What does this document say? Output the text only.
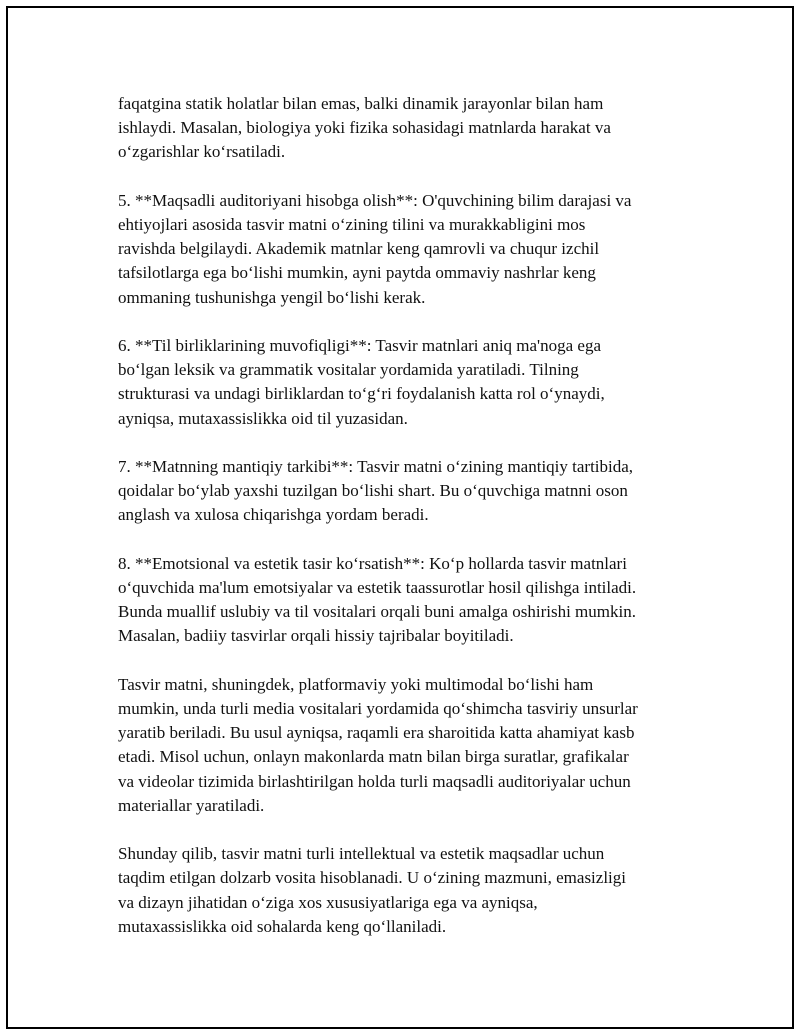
faqatgina statik holatlar bilan emas, balki dinamik jarayonlar bilan ham
ishlaydi. Masalan, biologiya yoki fizika sohasidagi matnlarda harakat va
o‘zgarishlar ko‘rsatiladi.

5. **Maqsadli auditoriyani hisobga olish**: O'quvchining bilim darajasi va
ehtiyojlari asosida tasvir matni o‘zining tilini va murakkabligini mos
ravishda belgilaydi. Akademik matnlar keng qamrovli va chuqur izchil
tafsilotlarga ega bo‘lishi mumkin, ayni paytda ommaviy nashrlar keng
ommaning tushunishga yengil bo‘lishi kerak.

6. **Til birliklarining muvofiqligi**: Tasvir matnlari aniq ma'noga ega
bo‘lgan leksik va grammatik vositalar yordamida yaratiladi. Tilning
strukturasi va undagi birliklardan to‘g‘ri foydalanish katta rol o‘ynaydi,
ayniqsa, mutaxassislikka oid til yuzasidan.

7. **Matnning mantiqiy tarkibi**: Tasvir matni o‘zining mantiqiy tartibida,
qoidalar bo‘ylab yaxshi tuzilgan bo‘lishi shart. Bu o‘quvchiga matnni oson
anglash va xulosa chiqarishga yordam beradi.

8. **Emotsional va estetik tasir ko‘rsatish**: Ko‘p hollarda tasvir matnlari
o‘quvchida ma'lum emotsiyalar va estetik taassurotlar hosil qilishga intiladi.
Bunda muallif uslubiy va til vositalari orqali buni amalga oshirishi mumkin.
Masalan, badiiy tasvirlar orqali hissiy tajribalar boyitiladi.

Tasvir matni, shuningdek, platformaviy yoki multimodal bo‘lishi ham
mumkin, unda turli media vositalari yordamida qo‘shimcha tasviriy unsurlar
yaratib beriladi. Bu usul ayniqsa, raqamli era sharoitida katta ahamiyat kasb
etadi. Misol uchun, onlayn makonlarda matn bilan birga suratlar, grafikalar
va videolar tizimida birlashtirilgan holda turli maqsadli auditoriyalar uchun
materiallar yaratiladi.

Shunday qilib, tasvir matni turli intellektual va estetik maqsadlar uchun
taqdim etilgan dolzarb vosita hisoblanadi. U o‘zining mazmuni, emasizligi
va dizayn jihatidan o‘ziga xos xususiyatlariga ega va ayniqsa,
mutaxassislikka oid sohalarda keng qo‘llaniladi.
